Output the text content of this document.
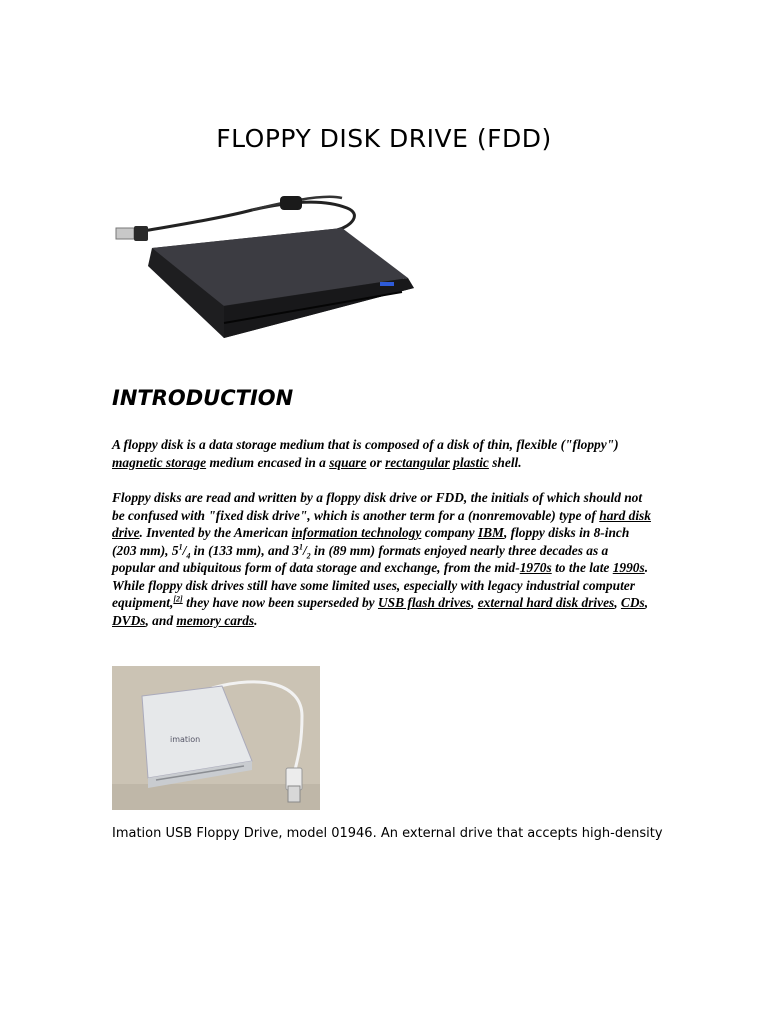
FLOPPY DISK DRIVE (FDD)
INTRODUCTION

A floppy disk is a data storage medium that is composed of a disk of thin, flexible ("floppy") magnetic storage medium encased in a square or rectangular plastic shell.

Floppy disks are read and written by a floppy disk drive or FDD, the initials of which should not be confused with "fixed disk drive", which is another term for a (nonremovable) type of hard disk drive. Invented by the American information technology company IBM, floppy disks in 8-inch (203 mm), $5^1/_4$ in (133 mm), and $3^1/_2$ in (89 mm) formats enjoyed nearly three decades as a popular and ubiquitous form of data storage and exchange, from the mid-1970s to the late 1990s. While floppy disk drives still have some limited uses, especially with legacy industrial computer equipment,[2] they have now been superseded by USB flash drives, external hard disk drives, CDs, DVDs, and memory cards.

imation

Imation USB Floppy Drive, model 01946. An external drive that accepts high-density
